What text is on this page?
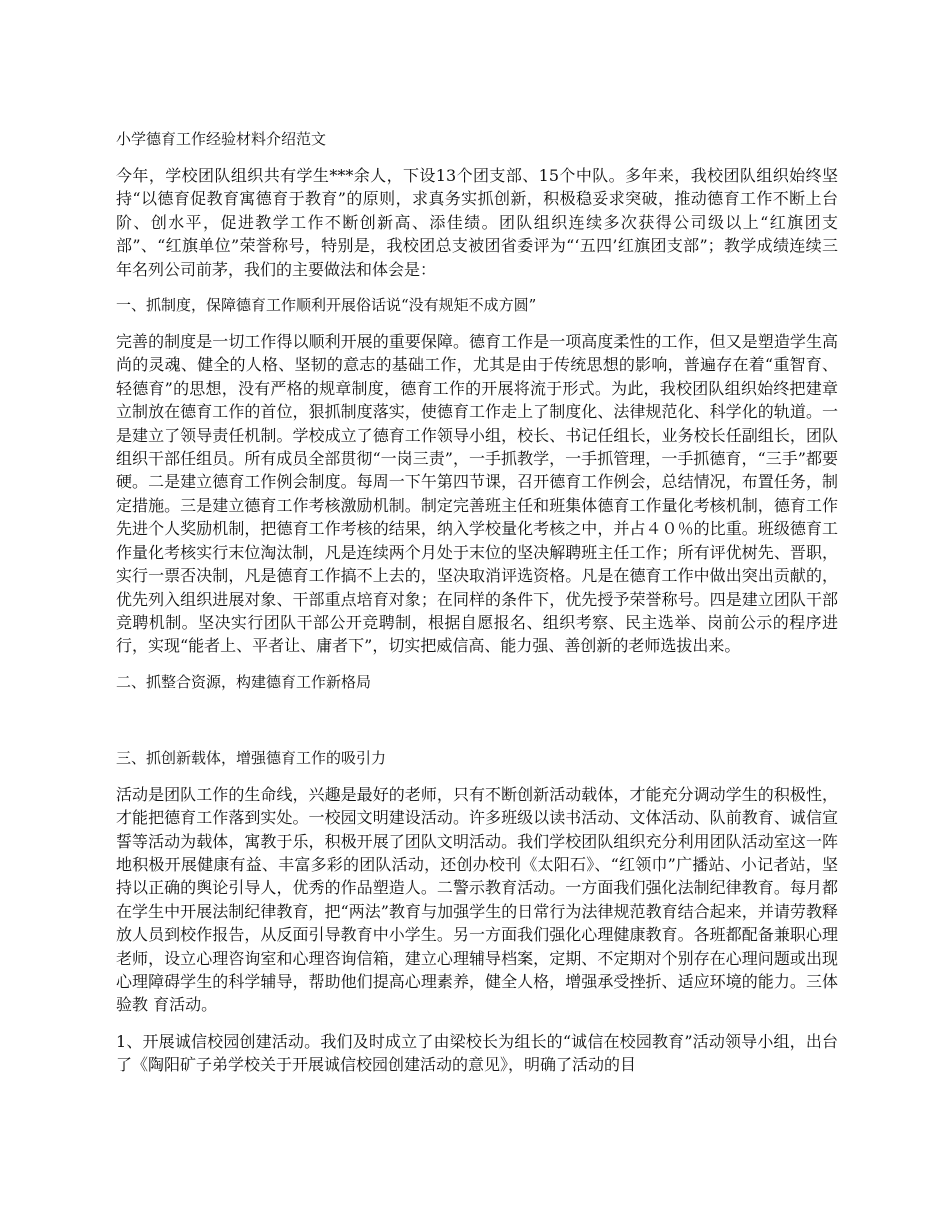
小学德育工作经验材料介绍范文

今年，学校团队组织共有学生***余人，下设13个团支部、15个中队。多年来，我校团队组织始终坚持“以德育促教育寓德育于教育”的原则，求真务实抓创新，积极稳妥求突破，推动德育工作不断上台阶、创水平，促进教学工作不断创新高、添佳绩。团队组织连续多次获得公司级以上“红旗团支部”、“红旗单位”荣誉称号，特别是，我校团总支被团省委评为“‘五四’红旗团支部”；教学成绩连续三年名列公司前茅，我们的主要做法和体会是：

一、抓制度，保障德育工作顺利开展俗话说“没有规矩不成方圆”

完善的制度是一切工作得以顺利开展的重要保障。德育工作是一项高度柔性的工作，但又是塑造学生高尚的灵魂、健全的人格、坚韧的意志的基础工作，尤其是由于传统思想的影响，普遍存在着“重智育、轻德育”的思想，没有严格的规章制度，德育工作的开展将流于形式。为此，我校团队组织始终把建章立制放在德育工作的首位，狠抓制度落实，使德育工作走上了制度化、法律规范化、科学化的轨道。一是建立了领导责任机制。学校成立了德育工作领导小组，校长、书记任组长，业务校长任副组长，团队组织干部任组员。所有成员全部贯彻“一岗三责”，一手抓教学，一手抓管理，一手抓德育，“三手”都要硬。二是建立德育工作例会制度。每周一下午第四节课，召开德育工作例会，总结情况，布置任务，制定措施。三是建立德育工作考核激励机制。制定完善班主任和班集体德育工作量化考核机制，德育工作先进个人奖励机制，把德育工作考核的结果，纳入学校量化考核之中，并占４０％的比重。班级德育工作量化考核实行末位淘汰制，凡是连续两个月处于末位的坚决解聘班主任工作；所有评优树先、晋职，实行一票否决制，凡是德育工作搞不上去的，坚决取消评选资格。凡是在德育工作中做出突出贡献的，优先列入组织进展对象、干部重点培育对象；在同样的条件下，优先授予荣誉称号。四是建立团队干部竞聘机制。坚决实行团队干部公开竞聘制，根据自愿报名、组织考察、民主选举、岗前公示的程序进行，实现“能者上、平者让、庸者下”，切实把威信高、能力强、善创新的老师选拔出来。

二、抓整合资源，构建德育工作新格局
三、抓创新载体，增强德育工作的吸引力

活动是团队工作的生命线，兴趣是最好的老师，只有不断创新活动载体，才能充分调动学生的积极性，才能把德育工作落到实处。一校园文明建设活动。许多班级以读书活动、文体活动、队前教育、诚信宣誓等活动为载体，寓教于乐，积极开展了团队文明活动。我们学校团队组织充分利用团队活动室这一阵地积极开展健康有益、丰富多彩的团队活动，还创办校刊《太阳石》、“红领巾”广播站、小记者站，坚持以正确的舆论引导人，优秀的作品塑造人。二警示教育活动。一方面我们强化法制纪律教育。每月都在学生中开展法制纪律教育，把“两法”教育与加强学生的日常行为法律规范教育结合起来，并请劳教释放人员到校作报告，从反面引导教育中小学生。另一方面我们强化心理健康教育。各班都配备兼职心理老师，设立心理咨询室和心理咨询信箱，建立心理辅导档案，定期、不定期对个别存在心理问题或出现心理障碍学生的科学辅导，帮助他们提高心理素养，健全人格，增强承受挫折、适应环境的能力。三体验教 育活动。

1、开展诚信校园创建活动。我们及时成立了由梁校长为组长的“诚信在校园教育”活动领导小组，出台了《陶阳矿子弟学校关于开展诚信校园创建活动的意见》，明确了活动的目
